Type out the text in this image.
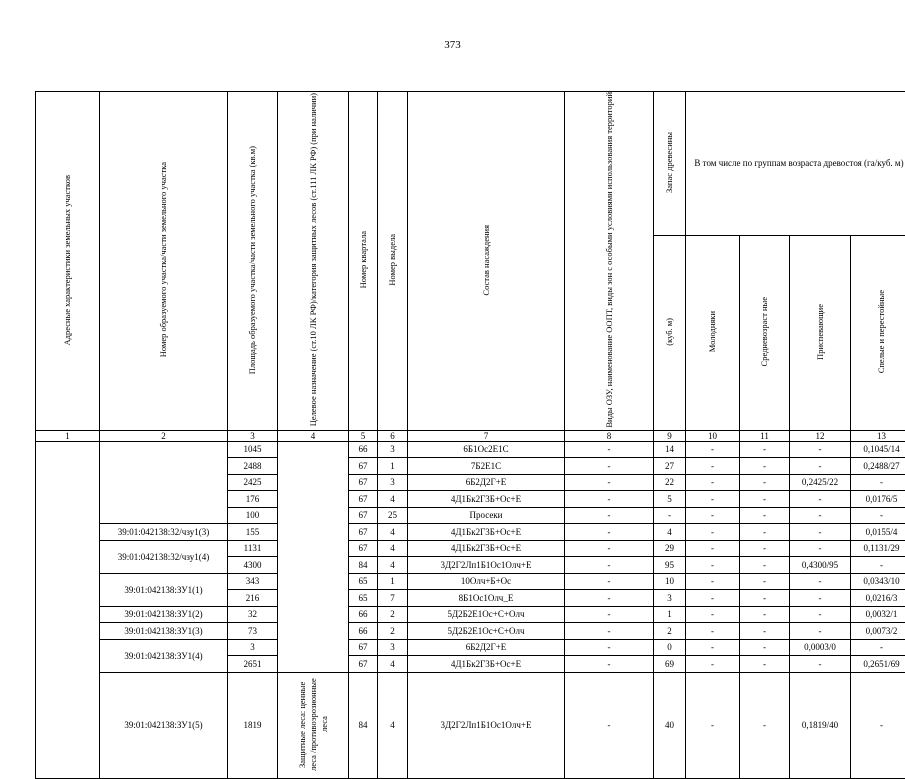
373
Адресные характеристики земельных участков	Номер образуемого участка/части земельного участка	Площадь образуемого участка/части земельного участка (кв.м)	Целевое назначение (ст.10 ЛК РФ)/категория защитных лесов (ст.111 ЛК РФ) (при наличии)	Номер квартала	Номер выдела	Состав насаждения	Виды ОЗУ, наименование ООПТ, виды зон с особыми условиями использования территорий	Запас древесины	В том числе по группам возраста древостоя (га/куб. м)			
								(куб. м)	Молодняки	Средневозраст ные	Приспевающие	Спелые и перестойные
1	2	3	4	5	6	7	8	9	10	11	12	13
		1045		66	3	6Б1Ос2Е1С	-	14	-	-	-	0,1045/14
		2488		67	1	7Б2Е1С	-	27	-	-	-	0,2488/27
		2425		67	3	6Б2Д2Г+Е	-	22	-	-	0,2425/22	-
		176		67	4	4Д1Бк2Г3Б+Ос+Е	-	5	-	-	-	0,0176/5
		100		67	25	Просеки	-	-	-	-	-	-
	39:01:042138:32/чзу1(3)	155		67	4	4Д1Бк2Г3Б+Ос+Е	-	4	-	-	-	0,0155/4
	39:01:042138:32/чзу1(4)	1131		67	4	4Д1Бк2Г3Б+Ос+Е	-	29	-	-	-	0,1131/29
		4300		84	4	3Д2Г2Лп1Б1Ос1Олч+Е	-	95	-	-	0,4300/95	-
	39:01:042138:ЗУ1(1)	343		65	1	10Олч+Б+Ос	-	10	-	-	-	0,0343/10
		216		65	7	8Б1Ос1Олч_Е	-	3	-	-	-	0,0216/3
	39:01:042138:ЗУ1(2)	32		66	2	5Д2Б2Е1Ос+С+Олч	-	1	-	-	-	0,0032/1
	39:01:042138:ЗУ1(3)	73		66	2	5Д2Б2Е1Ос+С+Олч	-	2	-	-	-	0,0073/2
	39:01:042138:ЗУ1(4)	3		67	3	6Б2Д2Г+Е	-	0	-	-	0,0003/0	-
		2651		67	4	4Д1Бк2Г3Б+Ос+Е	-	69	-	-	-	0,2651/69
	39:01:042138:ЗУ1(5)	1819	Защитные леса: ценные леса /противоэрозионные леса	84	4	3Д2Г2Лп1Б1Ос1Олч+Е	-	40	-	-	0,1819/40	-
